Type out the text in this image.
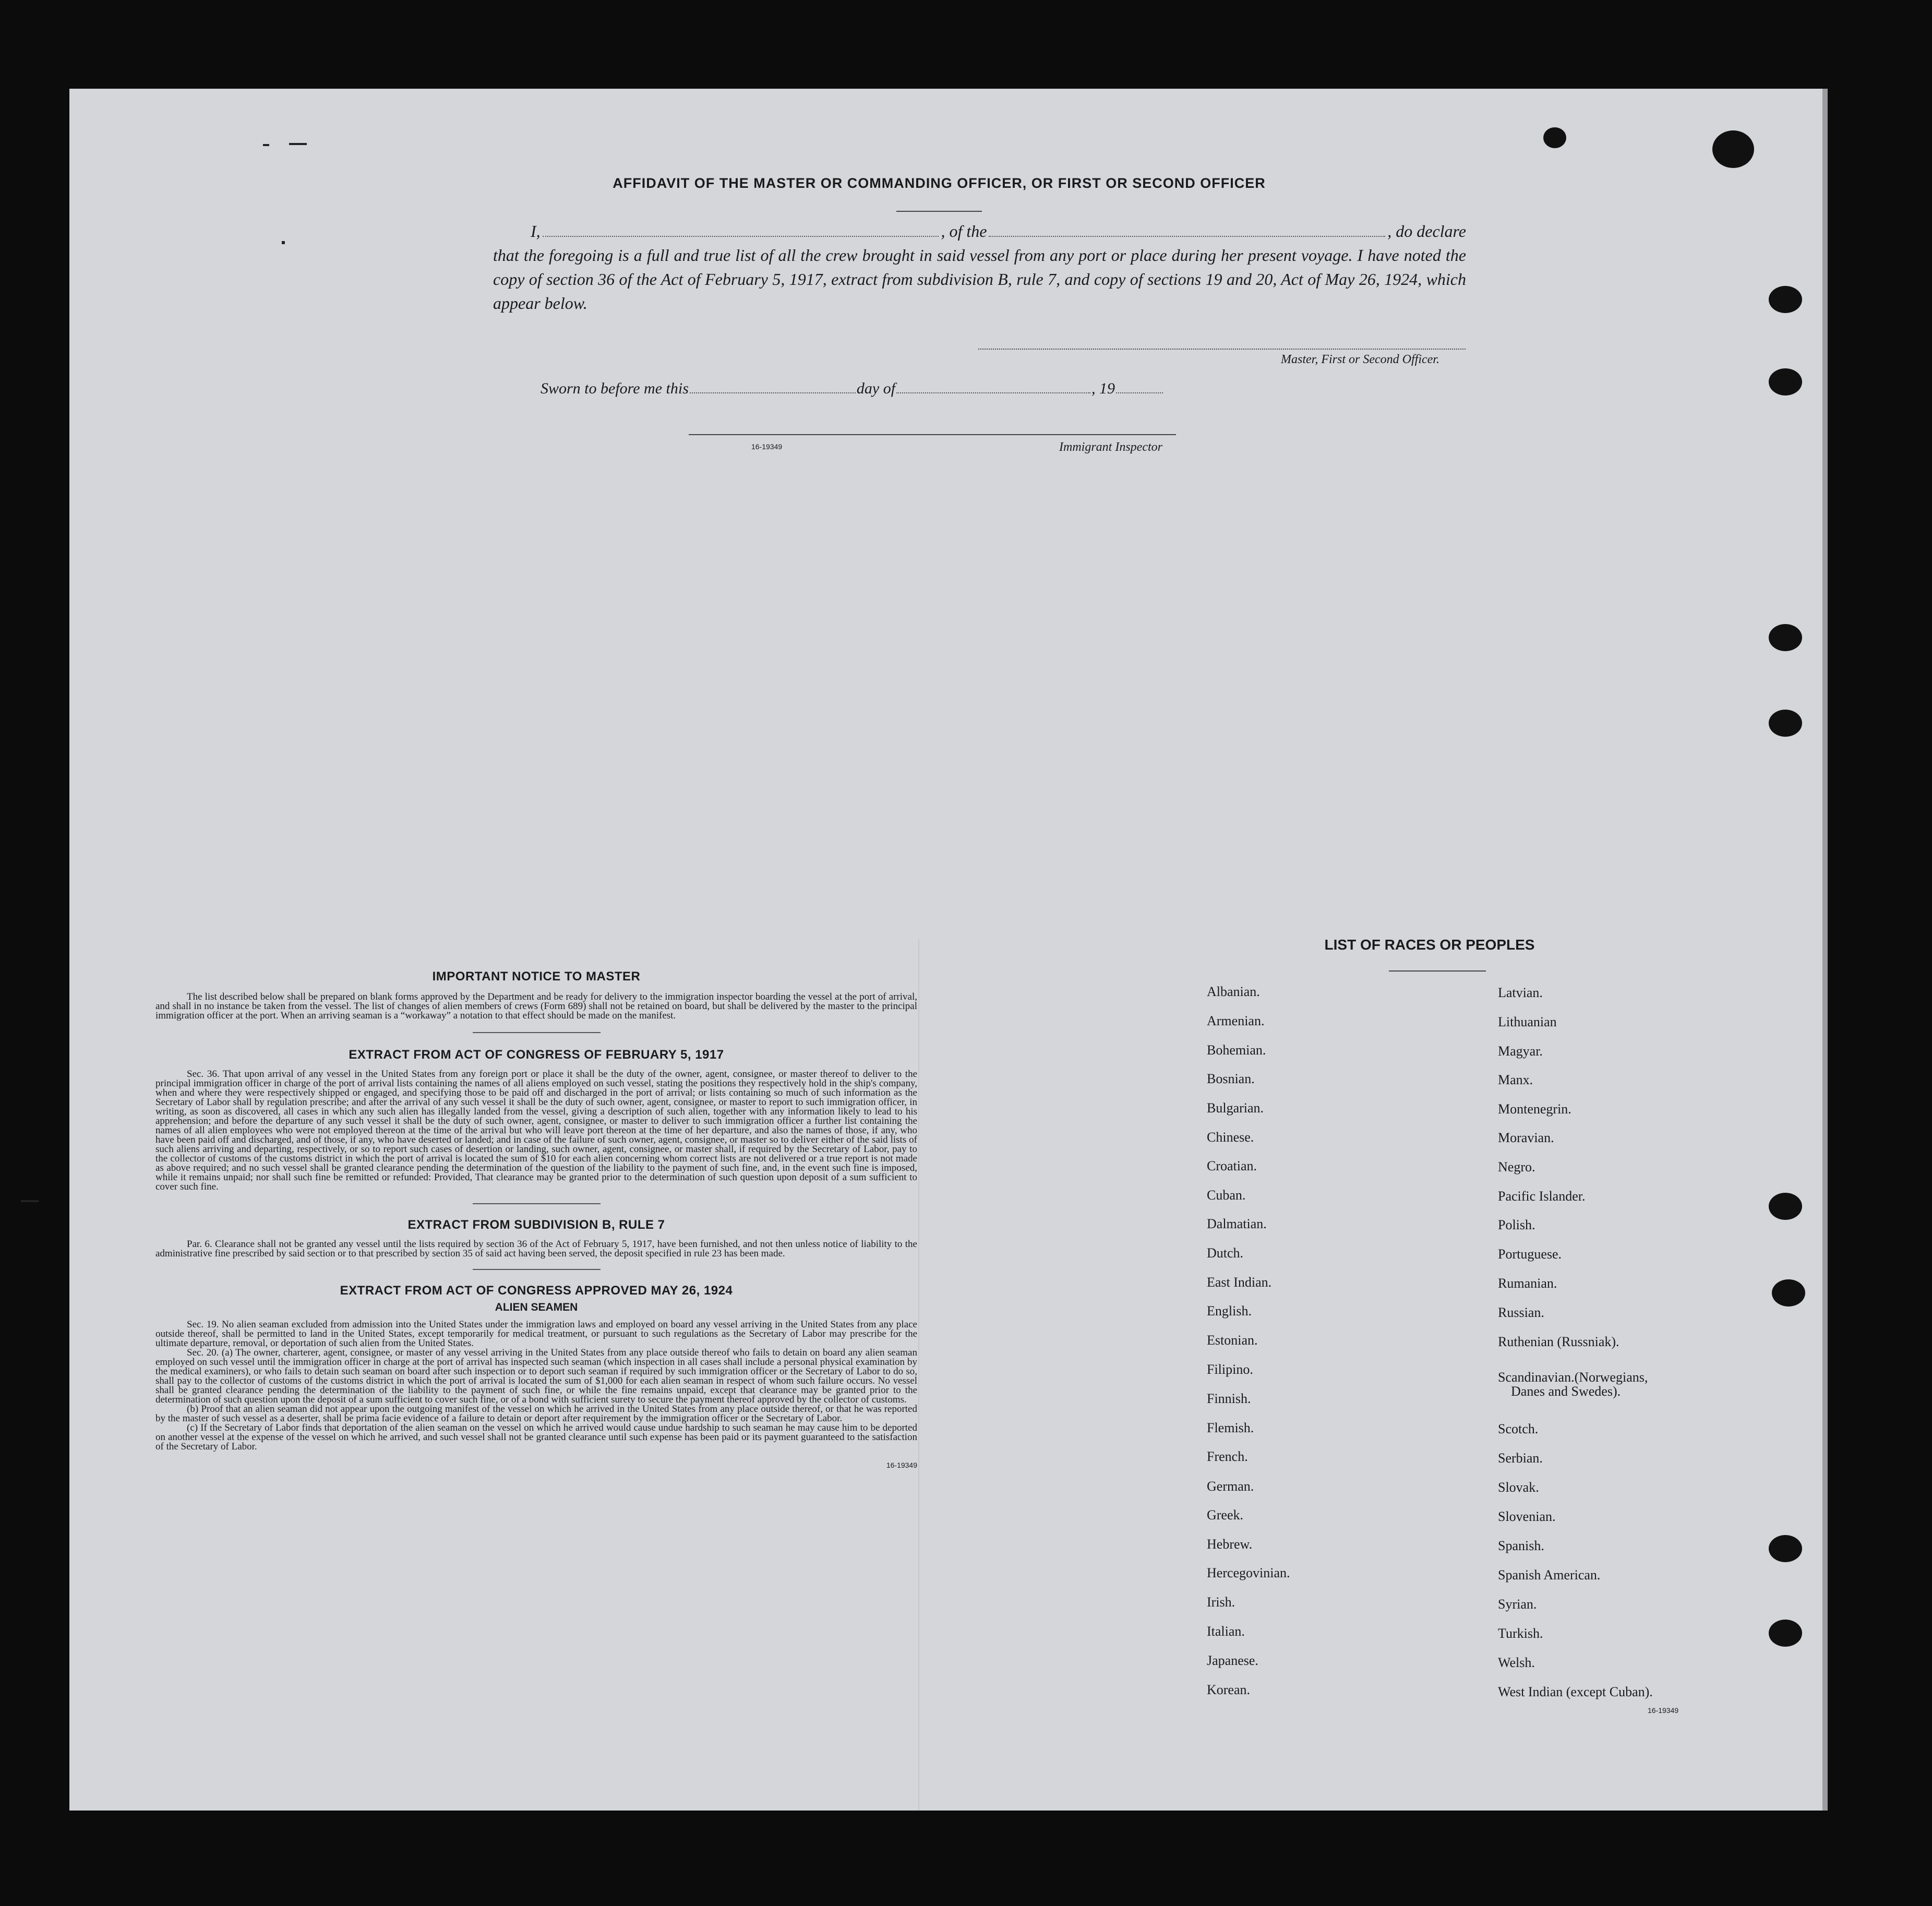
AFFIDAVIT OF THE MASTER OR COMMANDING OFFICER, OR FIRST OR SECOND OFFICER
I,	, of the	, do declare
that the foregoing is a full and true list of all the crew brought in said vessel from any port or place during her present voyage. I have noted the copy of section 36 of the Act of February 5, 1917, extract from subdivision B, rule 7, and copy of sections 19 and 20, Act of May 26, 1924, which appear below.
Master, First or Second Officer.
Sworn to before me this	day of	, 19
16-19349	Immigrant Inspector
IMPORTANT NOTICE TO MASTER

The list described below shall be prepared on blank forms approved by the Department and be ready for delivery to the immigration inspector boarding the vessel at the port of arrival, and shall in no instance be taken from the vessel. The list of changes of alien members of crews (Form 689) shall not be retained on board, but shall be delivered by the master to the principal immigration officer at the port. When an arriving seaman is a “workaway” a notation to that effect should be made on the manifest.

EXTRACT FROM ACT OF CONGRESS OF FEBRUARY 5, 1917

Sec. 36. That upon arrival of any vessel in the United States from any foreign port or place it shall be the duty of the owner, agent, consignee, or master thereof to deliver to the principal immigration officer in charge of the port of arrival lists containing the names of all aliens employed on such vessel, stating the positions they respectively hold in the ship's company, when and where they were respectively shipped or engaged, and specifying those to be paid off and discharged in the port of arrival; or lists containing so much of such information as the Secretary of Labor shall by regulation prescribe; and after the arrival of any such vessel it shall be the duty of such owner, agent, consignee, or master to report to such immigration officer, in writing, as soon as discovered, all cases in which any such alien has illegally landed from the vessel, giving a description of such alien, together with any information likely to lead to his apprehension; and before the departure of any such vessel it shall be the duty of such owner, agent, consignee, or master to deliver to such immigration officer a further list containing the names of all alien employees who were not employed thereon at the time of the arrival but who will leave port thereon at the time of her departure, and also the names of those, if any, who have been paid off and discharged, and of those, if any, who have deserted or landed; and in case of the failure of such owner, agent, consignee, or master so to deliver either of the said lists of such aliens arriving and departing, respectively, or so to report such cases of desertion or landing, such owner, agent, consignee, or master shall, if required by the Secretary of Labor, pay to the collector of customs of the customs district in which the port of arrival is located the sum of $10 for each alien concerning whom correct lists are not delivered or a true report is not made as above required; and no such vessel shall be granted clearance pending the determination of the question of the liability to the payment of such fine, and, in the event such fine is imposed, while it remains unpaid; nor shall such fine be remitted or refunded: Provided, That clearance may be granted prior to the determination of such question upon deposit of a sum sufficient to cover such fine.

EXTRACT FROM SUBDIVISION B, RULE 7

Par. 6. Clearance shall not be granted any vessel until the lists required by section 36 of the Act of February 5, 1917, have been furnished, and not then unless notice of liability to the administrative fine prescribed by said section or to that prescribed by section 35 of said act having been served, the deposit specified in rule 23 has been made.

EXTRACT FROM ACT OF CONGRESS APPROVED MAY 26, 1924
ALIEN SEAMEN

Sec. 19. No alien seaman excluded from admission into the United States under the immigration laws and employed on board any vessel arriving in the United States from any place outside thereof, shall be permitted to land in the United States, except temporarily for medical treatment, or pursuant to such regulations as the Secretary of Labor may prescribe for the ultimate departure, removal, or deportation of such alien from the United States.

Sec. 20. (a) The owner, charterer, agent, consignee, or master of any vessel arriving in the United States from any place outside thereof who fails to detain on board any alien seaman employed on such vessel until the immigration officer in charge at the port of arrival has inspected such seaman (which inspection in all cases shall include a personal physical examination by the medical examiners), or who fails to detain such seaman on board after such inspection or to deport such seaman if required by such immigration officer or the Secretary of Labor to do so, shall pay to the collector of customs of the customs district in which the port of arrival is located the sum of $1,000 for each alien seaman in respect of whom such failure occurs. No vessel shall be granted clearance pending the determination of the liability to the payment of such fine, or while the fine remains unpaid, except that clearance may be granted prior to the determination of such question upon the deposit of a sum sufficient to cover such fine, or of a bond with sufficient surety to secure the payment thereof approved by the collector of customs.

(b) Proof that an alien seaman did not appear upon the outgoing manifest of the vessel on which he arrived in the United States from any place outside thereof, or that he was reported by the master of such vessel as a deserter, shall be prima facie evidence of a failure to detain or deport after requirement by the immigration officer or the Secretary of Labor.

(c) If the Secretary of Labor finds that deportation of the alien seaman on the vessel on which he arrived would cause undue hardship to such seaman he may cause him to be deported on another vessel at the expense of the vessel on which he arrived, and such vessel shall not be granted clearance until such expense has been paid or its payment guaranteed to the satisfaction of the Secretary of Labor.

16-19349
LIST OF RACES OR PEOPLES
Albanian.
Armenian.
Bohemian.
Bosnian.
Bulgarian.
Chinese.
Croatian.
Cuban.
Dalmatian.
Dutch.
East Indian.
English.
Estonian.
Filipino.
Finnish.
Flemish.
French.
German.
Greek.
Hebrew.
Hercegovinian.
Irish.
Italian.
Japanese.
Korean.
Latvian.
Lithuanian
Magyar.
Manx.
Montenegrin.
Moravian.
Negro.
Pacific Islander.
Polish.
Portuguese.
Rumanian.
Russian.
Ruthenian (Russniak).
Scandinavian.(Norwegians,
Danes and Swedes).
Scotch.
Serbian.
Slovak.
Slovenian.
Spanish.
Spanish American.
Syrian.
Turkish.
Welsh.
West Indian (except Cuban).
16-19349
